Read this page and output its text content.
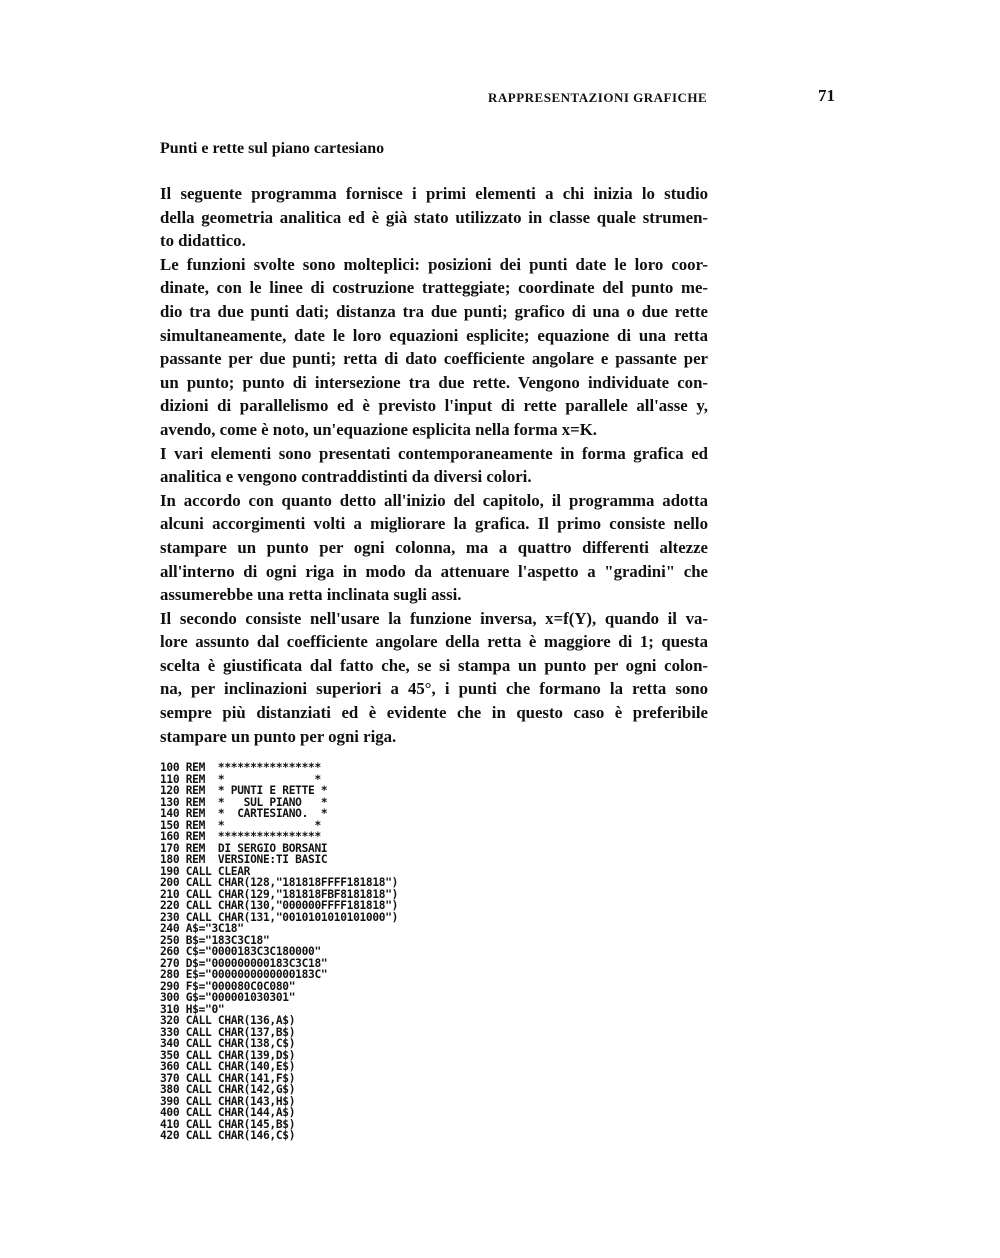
RAPPRESENTAZIONI GRAFICHE	71
Punti e rette sul piano cartesiano

Il seguente programma fornisce i primi elementi a chi inizia lo studio
della geometria analitica ed è già stato utilizzato in classe quale strumen-
to didattico.

Le funzioni svolte sono molteplici: posizioni dei punti date le loro coor-
dinate, con le linee di costruzione tratteggiate; coordinate del punto me-
dio tra due punti dati; distanza tra due punti; grafico di una o due rette
simultaneamente, date le loro equazioni esplicite; equazione di una retta
passante per due punti; retta di dato coefficiente angolare e passante per
un punto; punto di intersezione tra due rette. Vengono individuate con-
dizioni di parallelismo ed è previsto l'input di rette parallele all'asse y,
avendo, come è noto, un'equazione esplicita nella forma x=K.

I vari elementi sono presentati contemporaneamente in forma grafica ed
analitica e vengono contraddistinti da diversi colori.

In accordo con quanto detto all'inizio del capitolo, il programma adotta
alcuni accorgimenti volti a migliorare la grafica. Il primo consiste nello
stampare un punto per ogni colonna, ma a quattro differenti altezze
all'interno di ogni riga in modo da attenuare l'aspetto a "gradini" che
assumerebbe una retta inclinata sugli assi.

Il secondo consiste nell'usare la funzione inversa, x=f(Y), quando il va-
lore assunto dal coefficiente angolare della retta è maggiore di 1; questa
scelta è giustificata dal fatto che, se si stampa un punto per ogni colon-
na, per inclinazioni superiori a 45°, i punti che formano la retta sono
sempre più distanziati ed è evidente che in questo caso è preferibile
stampare un punto per ogni riga.

100 REM  ****************
110 REM  *              *
120 REM  * PUNTI E RETTE *
130 REM  *   SUL PIANO   *
140 REM  *  CARTESIANO.  *
150 REM  *              *
160 REM  ****************
170 REM  DI SERGIO BORSANI
180 REM  VERSIONE:TI BASIC
190 CALL CLEAR
200 CALL CHAR(128,"181818FFFF181818")
210 CALL CHAR(129,"181818FBF8181818")
220 CALL CHAR(130,"000000FFFF181818")
230 CALL CHAR(131,"0010101010101000")
240 A$="3C18"
250 B$="183C3C18"
260 C$="0000183C3C180000"
270 D$="000000000183C3C18"
280 E$="0000000000000183C"
290 F$="000080C0C080"
300 G$="000001030301"
310 H$="0"
320 CALL CHAR(136,A$)
330 CALL CHAR(137,B$)
340 CALL CHAR(138,C$)
350 CALL CHAR(139,D$)
360 CALL CHAR(140,E$)
370 CALL CHAR(141,F$)
380 CALL CHAR(142,G$)
390 CALL CHAR(143,H$)
400 CALL CHAR(144,A$)
410 CALL CHAR(145,B$)
420 CALL CHAR(146,C$)
